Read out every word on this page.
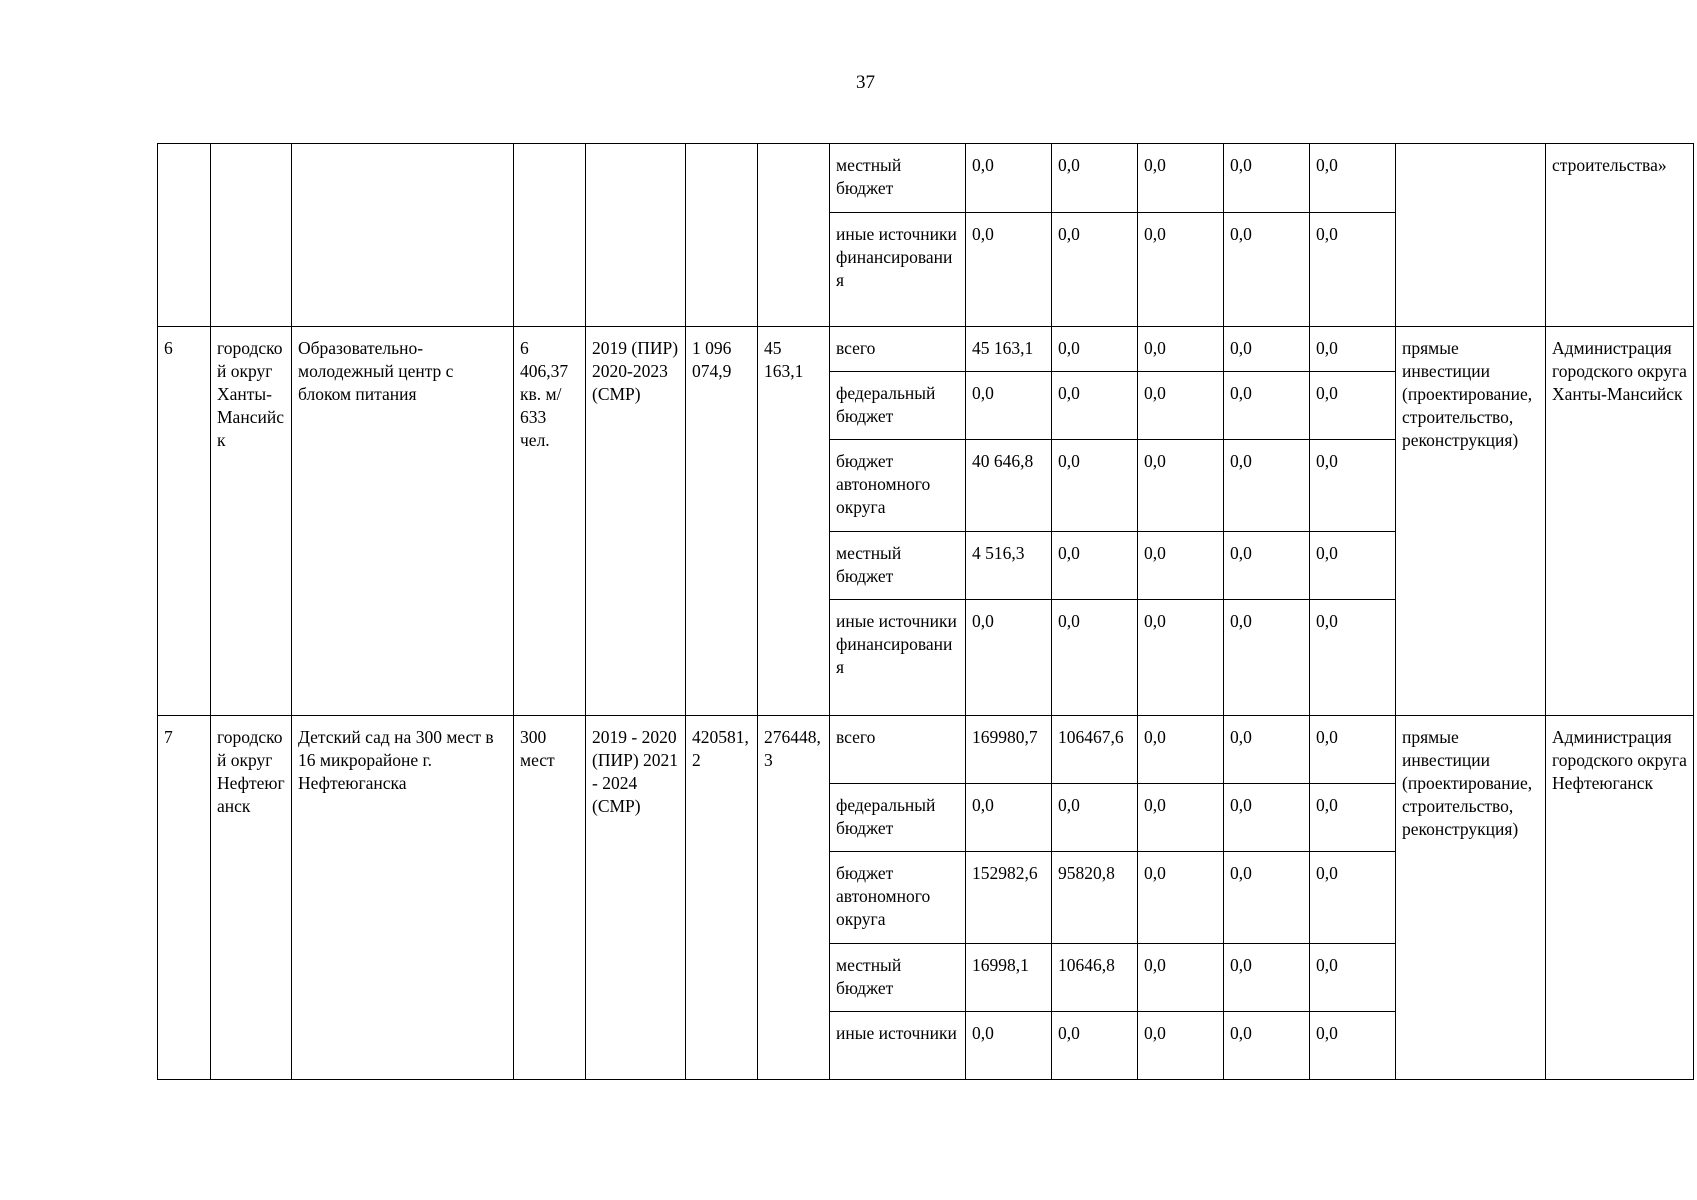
37
							местный бюджет	0,0	0,0	0,0	0,0	0,0		строительства»
							иные источники финансирования	0,0	0,0	0,0	0,0	0,0		
6	городской округ Ханты-Мансийск	Образовательно-молодежный центр с блоком питания	6 406,37 кв. м/ 633 чел.	2019 (ПИР) 2020-2023 (СМР)	1 096 074,9	45 163,1	всего	45 163,1	0,0	0,0	0,0	0,0	прямые инвестиции (проектирование, строительство, реконструкция)	Администрация городского округа Ханты-Мансийск
							федеральный бюджет	0,0	0,0	0,0	0,0	0,0		
							бюджет автономного округа	40 646,8	0,0	0,0	0,0	0,0		
							местный бюджет	4 516,3	0,0	0,0	0,0	0,0		
							иные источники финансирования	0,0	0,0	0,0	0,0	0,0		
7	городской округ Нефтеюганск	Детский сад на 300 мест в 16 микрорайоне г. Нефтеюганска	300 мест	2019 - 2020 (ПИР) 2021 - 2024 (СМР)	420581,2	276448,3	всего	169980,7	106467,6	0,0	0,0	0,0	прямые инвестиции (проектирование, строительство, реконструкция)	Администрация городского округа Нефтеюганск
							федеральный бюджет	0,0	0,0	0,0	0,0	0,0		
							бюджет автономного округа	152982,6	95820,8	0,0	0,0	0,0		
							местный бюджет	16998,1	10646,8	0,0	0,0	0,0		
							иные источники	0,0	0,0	0,0	0,0	0,0		
